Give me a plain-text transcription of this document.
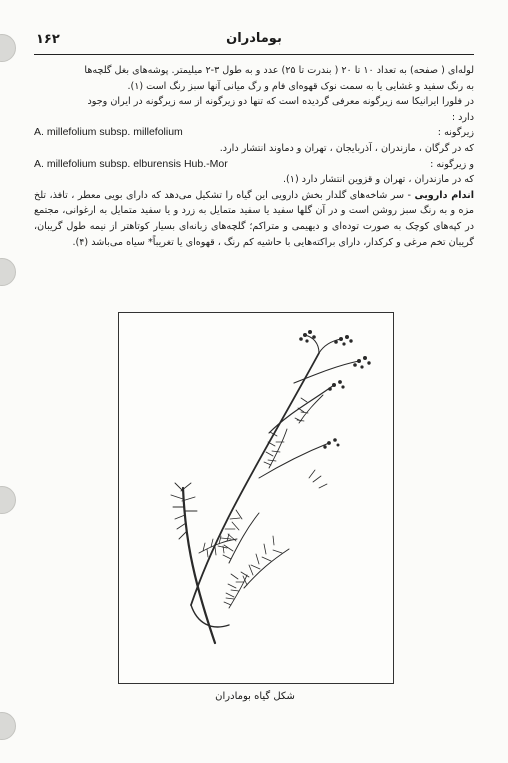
۱۶۲	بومادران
لوله‌ای ( صفحه) به تعداد ۱۰ تا ۲۰ ( بندرت تا ۲۵) عدد و به طول ۳-۲ میلیمتر. پوشه‌های بغل گلچه‌ها
به رنگ سفید و غشایی یا به سمت نوک قهوه‌ای فام و رگ میانی آنها سبز رنگ است (۱).
در فلورا ایرانیکا سه زیرگونه معرفی گردیده است که تنها دو زیرگونه از سه زیرگونه در ایران وجود
دارد :
زیرگونه :
A. millefolium subsp. millefolium
که در گرگان ، مازندران ، آذربایجان ، تهران و دماوند انتشار دارد.
و زیرگونه :
A. millefolium subsp. elburensis Hub.-Mor
که در مازندران ، تهران و قزوین انتشار دارد (۱).
اندام دارویی - سر شاخه‌های گلدار بخش دارویی این گیاه را تشکیل می‌دهد که دارای بویی معطر ، تافذ، تلخ مزه و به رنگ سبز روشن است و در آن گلها سفید یا سفید متمایل به زرد و یا سفید متمایل به ارغوانی، مجتمع در کپه‌های کوچک به صورت توده‌ای و دیهیمی و متراکم؛ گلچه‌های زبانه‌ای بسیار کوتاهتر از نیمه طول گریبان، گریبان تخم مرغی و کرکدار، دارای براکته‌هایی با حاشیه کم رنگ ، قهوه‌ای یا تغریباً* سیاه می‌باشد (۴).
شکل گیاه بومادران
